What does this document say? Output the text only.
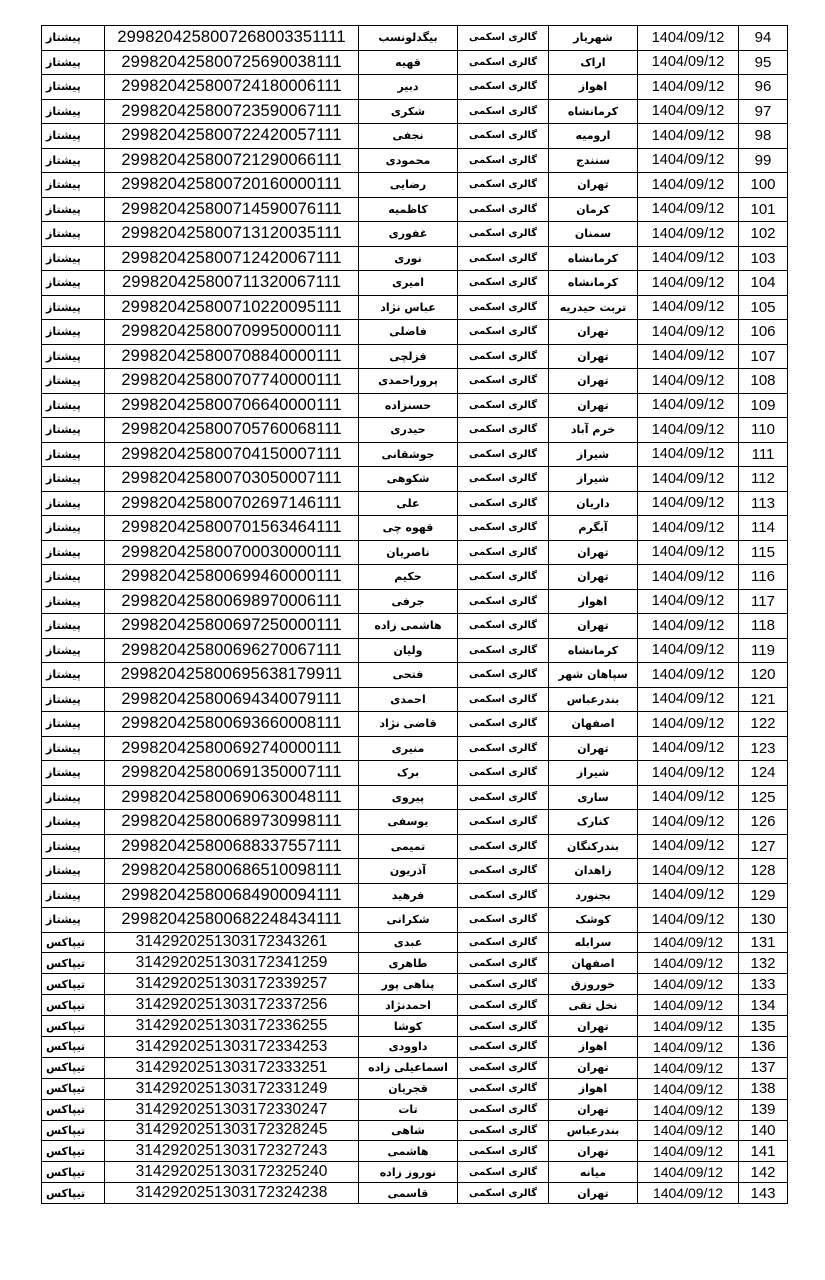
پیشتاز	2998204258007268003351111	بیگدلونسب	گالری اسکمی	شهریار	1404/09/12	94
پیشتاز	299820425800725690038111	قهیه	گالری اسکمی	اراک	1404/09/12	95
پیشتاز	299820425800724180006111	دبیر	گالری اسکمی	اهواز	1404/09/12	96
پیشتاز	299820425800723590067111	شکری	گالری اسکمی	کرمانشاه	1404/09/12	97
پیشتاز	299820425800722420057111	نجفی	گالری اسکمی	ارومیه	1404/09/12	98
پیشتاز	299820425800721290066111	محمودی	گالری اسکمی	سنندج	1404/09/12	99
پیشتاز	299820425800720160000111	رضایی	گالری اسکمی	تهران	1404/09/12	100
پیشتاز	299820425800714590076111	کاظمیه	گالری اسکمی	کرمان	1404/09/12	101
پیشتاز	299820425800713120035111	غفوری	گالری اسکمی	سمنان	1404/09/12	102
پیشتاز	299820425800712420067111	نوری	گالری اسکمی	کرمانشاه	1404/09/12	103
پیشتاز	299820425800711320067111	امیری	گالری اسکمی	کرمانشاه	1404/09/12	104
پیشتاز	299820425800710220095111	عباس نژاد	گالری اسکمی	تربت حیدریه	1404/09/12	105
پیشتاز	299820425800709950000111	فاضلی	گالری اسکمی	تهران	1404/09/12	106
پیشتاز	299820425800708840000111	قزلچی	گالری اسکمی	تهران	1404/09/12	107
پیشتاز	299820425800707740000111	پروراحمدی	گالری اسکمی	تهران	1404/09/12	108
پیشتاز	299820425800706640000111	حسنزاده	گالری اسکمی	تهران	1404/09/12	109
پیشتاز	299820425800705760068111	حیدری	گالری اسکمی	خرم آباد	1404/09/12	110
پیشتاز	299820425800704150007111	جوشقانی	گالری اسکمی	شیراز	1404/09/12	111
پیشتاز	299820425800703050007111	شکوهی	گالری اسکمی	شیراز	1404/09/12	112
پیشتاز	299820425800702697146111	علی	گالری اسکمی	داریان	1404/09/12	113
پیشتاز	299820425800701563464111	قهوه چی	گالری اسکمی	آبگرم	1404/09/12	114
پیشتاز	299820425800700030000111	ناصریان	گالری اسکمی	تهران	1404/09/12	115
پیشتاز	299820425800699460000111	حکیم	گالری اسکمی	تهران	1404/09/12	116
پیشتاز	299820425800698970006111	جرفی	گالری اسکمی	اهواز	1404/09/12	117
پیشتاز	299820425800697250000111	هاشمی زاده	گالری اسکمی	تهران	1404/09/12	118
پیشتاز	299820425800696270067111	ولیان	گالری اسکمی	کرمانشاه	1404/09/12	119
پیشتاز	299820425800695638179911	فتحی	گالری اسکمی	سپاهان شهر	1404/09/12	120
پیشتاز	299820425800694340079111	احمدی	گالری اسکمی	بندرعباس	1404/09/12	121
پیشتاز	299820425800693660008111	قاضی نژاد	گالری اسکمی	اصفهان	1404/09/12	122
پیشتاز	299820425800692740000111	منیری	گالری اسکمی	تهران	1404/09/12	123
پیشتاز	299820425800691350007111	برک	گالری اسکمی	شیراز	1404/09/12	124
پیشتاز	299820425800690630048111	پیروی	گالری اسکمی	ساری	1404/09/12	125
پیشتاز	299820425800689730998111	یوسفی	گالری اسکمی	کنارک	1404/09/12	126
پیشتاز	299820425800688337557111	تمیمی	گالری اسکمی	بندرکنگان	1404/09/12	127
پیشتاز	299820425800686510098111	آذریون	گالری اسکمی	زاهدان	1404/09/12	128
پیشتاز	299820425800684900094111	فرهید	گالری اسکمی	بجنورد	1404/09/12	129
پیشتاز	299820425800682248434111	شکرانی	گالری اسکمی	کوشک	1404/09/12	130
تیپاکس	3142920251303172343261	عبدی	گالری اسکمی	سرابله	1404/09/12	131
تیپاکس	3142920251303172341259	طاهری	گالری اسکمی	اصفهان	1404/09/12	132
تیپاکس	3142920251303172339257	پناهی پور	گالری اسکمی	خوروزق	1404/09/12	133
تیپاکس	3142920251303172337256	احمدنژاد	گالری اسکمی	نخل تقی	1404/09/12	134
تیپاکس	3142920251303172336255	کوشا	گالری اسکمی	تهران	1404/09/12	135
تیپاکس	3142920251303172334253	داوودی	گالری اسکمی	اهواز	1404/09/12	136
تیپاکس	3142920251303172333251	اسماعیلی زاده	گالری اسکمی	تهران	1404/09/12	137
تیپاکس	3142920251303172331249	قجریان	گالری اسکمی	اهواز	1404/09/12	138
تیپاکس	3142920251303172330247	تات	گالری اسکمی	تهران	1404/09/12	139
تیپاکس	3142920251303172328245	شاهی	گالری اسکمی	بندرعباس	1404/09/12	140
تیپاکس	3142920251303172327243	هاشمی	گالری اسکمی	تهران	1404/09/12	141
تیپاکس	3142920251303172325240	نوروز زاده	گالری اسکمی	میانه	1404/09/12	142
تیپاکس	3142920251303172324238	قاسمی	گالری اسکمی	تهران	1404/09/12	143
